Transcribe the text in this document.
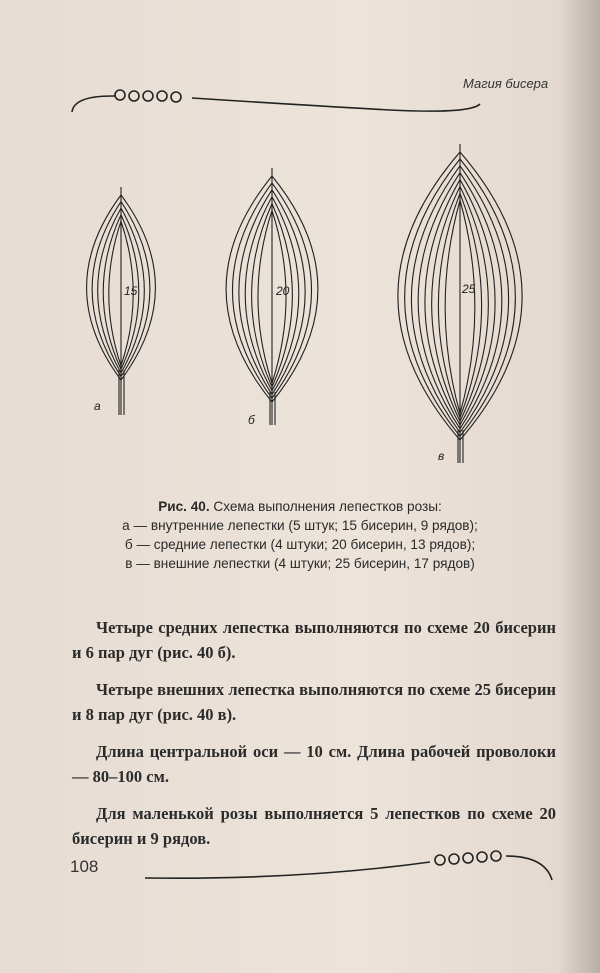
15
а
20
б
25
в
Магия бисера
Рис. 40. Схема выполнения лепестков розы:
а — внутренние лепестки (5 штук; 15 бисерин, 9 рядов);
б — средние лепестки (4 штуки; 20 бисерин, 13 рядов);
в — внешние лепестки (4 штуки; 25 бисерин, 17 рядов)

Четыре средних лепестка выполняются по схеме 20 бисерин и 6 пар дуг (рис. 40 б).

Четыре внешних лепестка выполняются по схеме 25 бисерин и 8 пар дуг (рис. 40 в).

Длина центральной оси — 10 см. Длина рабочей проволоки — 80–100 см.

Для маленькой розы выполняется 5 лепестков по схеме 20 бисерин и 9 рядов.

108
